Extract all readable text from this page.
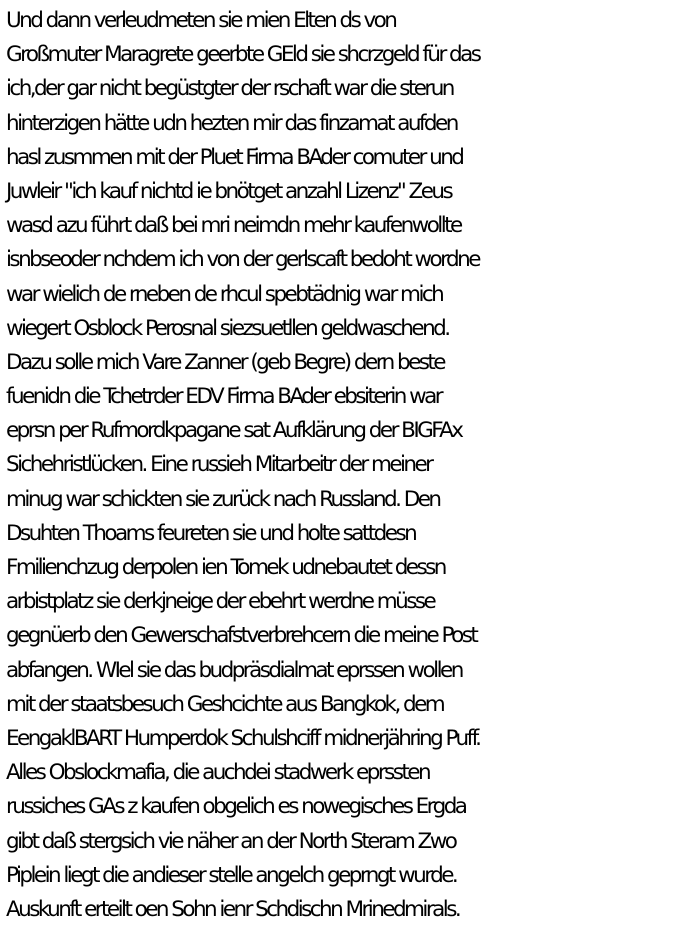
Und dann verleudmeten sie mien Elten ds von
Großmuter Maragrete geerbte GEld sie shcrzgeld für das
ich,der gar nicht begüstgter der rschaft war die sterun
hinterzigen hätte udn hezten mir das finzamat aufden
hasl zusmmen mit der Pluet Firma BAder comuter und
Juwleir "ich kauf nichtd ie bnötget anzahl Lizenz" Zeus
wasd azu führt daß bei mri neimdn mehr kaufenwollte
isnbseoder nchdem ich von der gerlscaft bedoht wordne
war wielich de rneben de rhcul spebtädnig war mich
wiegert Osblock Perosnal siezsuetllen geldwaschend.
Dazu solle mich Vare Zanner (geb Begre) dern beste
fuenidn die Tchetrder EDV Firma BAder ebsiterin war
eprsn per Rufmordkpagane sat Aufklärung der BIGFAx
Sichehristlücken. Eine russieh Mitarbeitr der meiner
minug war schickten sie zurück nach Russland. Den
Dsuhten Thoams feureten sie und holte sattdesn
Fmilienchzug derpolen ien Tomek udnebautet dessn
arbistplatz sie derkjneige der ebehrt werdne müsse
gegnüerb den Gewerschafstverbrehcern die meine Post
abfangen. WIel sie das budpräsdialmat eprssen wollen
mit der staatsbesuch Geshcichte aus Bangkok, dem
EengaklBART Humperdok Schulshciff midnerjähring Puff.
Alles Obslockmafia, die auchdei stadwerk eprssten
russiches GAs z kaufen obgelich es nowegisches Ergda
gibt daß stergsich vie näher an der North Steram Zwo
Piplein liegt die andieser stelle angelch geprngt wurde.
Auskunft erteilt oen Sohn ienr Schdischn Mrinedmirals.
